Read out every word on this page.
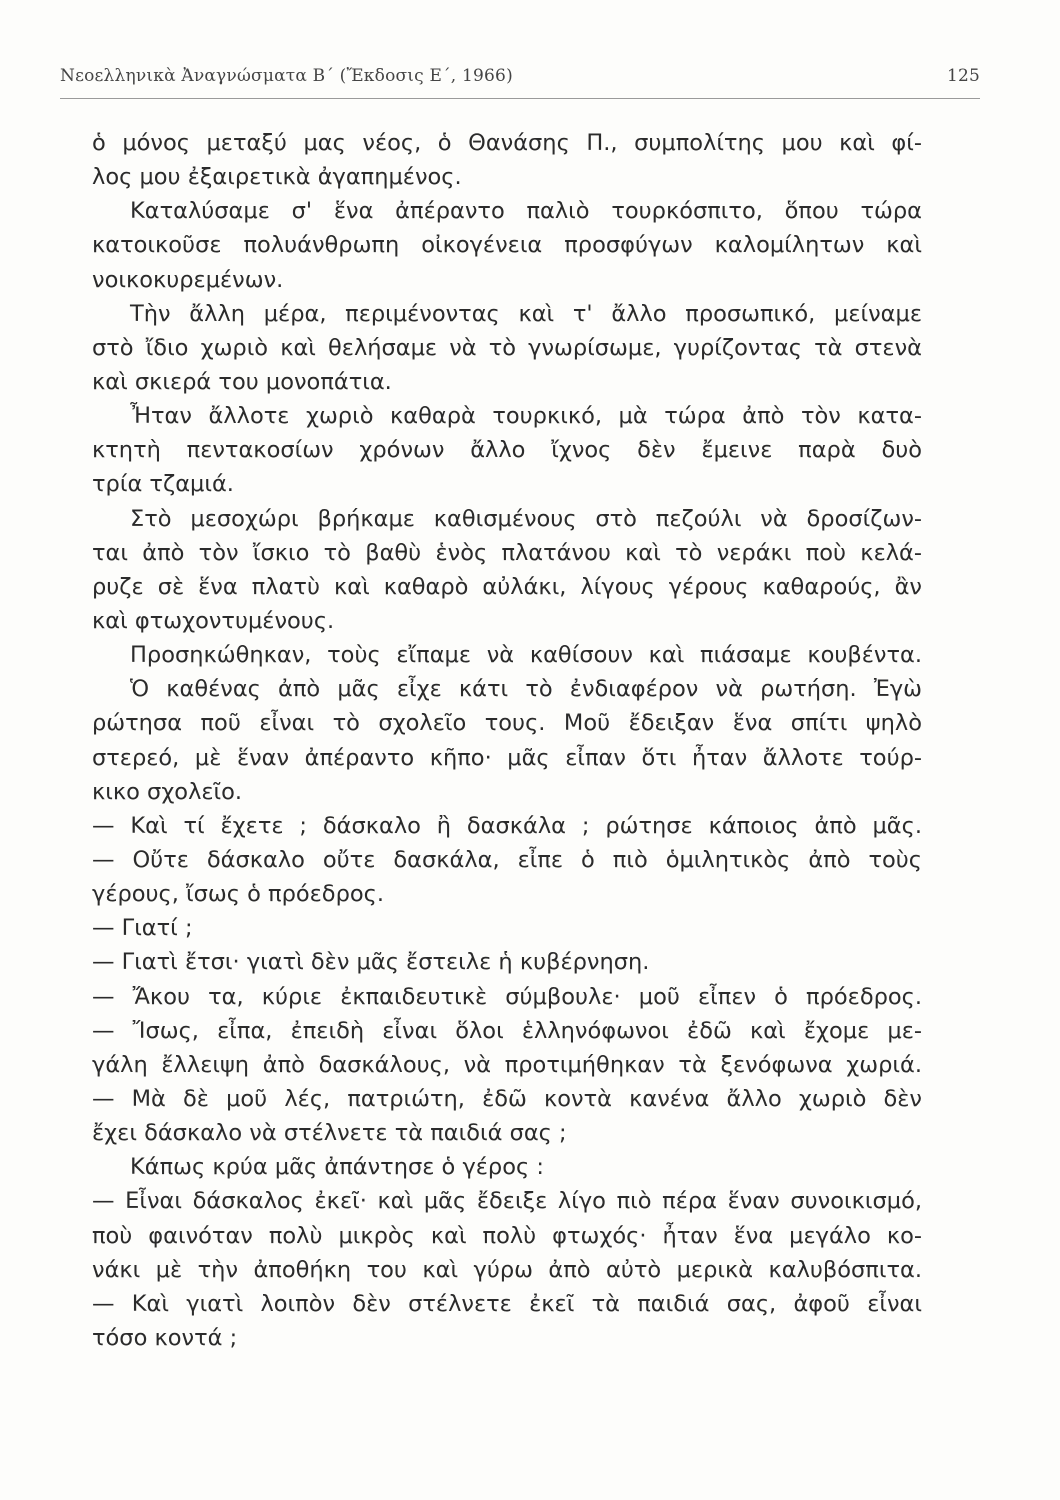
Νεοελληνικὰ Ἀναγνώσματα Β΄ (Ἔκδοσις Ε΄, 1966)	125
ὁ μόνος μεταξύ μας νέος, ὁ Θανάσης Π., συμπολίτης μου καὶ φί-
λος μου ἐξαιρετικὰ ἀγαπημένος.
Καταλύσαμε σ' ἕνα ἀπέραντο παλιὸ τουρκόσπιτο, ὅπου τώρα
κατοικοῦσε πολυάνθρωπη οἰκογένεια προσφύγων καλομίλητων καὶ
νοικοκυρεμένων.
Τὴν ἄλλη μέρα, περιμένοντας καὶ τ' ἄλλο προσωπικό, μείναμε
στὸ ἴδιο χωριὸ καὶ θελήσαμε νὰ τὸ γνωρίσωμε, γυρίζοντας τὰ στενὰ
καὶ σκιερά του μονοπάτια.
Ἦταν ἄλλοτε χωριὸ καθαρὰ τουρκικό, μὰ τώρα ἀπὸ τὸν κατα-
κτητὴ πεντακοσίων χρόνων ἄλλο ἴχνος δὲν ἔμεινε παρὰ δυὸ
τρία τζαμιά.
Στὸ μεσοχώρι βρήκαμε καθισμένους στὸ πεζούλι νὰ δροσίζων-
ται ἀπὸ τὸν ἴσκιο τὸ βαθὺ ἑνὸς πλατάνου καὶ τὸ νεράκι ποὺ κελά-
ρυζε σὲ ἕνα πλατὺ καὶ καθαρὸ αὐλάκι, λίγους γέρους καθαρούς, ἂν
καὶ φτωχοντυμένους.
Προσηκώθηκαν, τοὺς εἴπαμε νὰ καθίσουν καὶ πιάσαμε κουβέντα.
Ὁ καθένας ἀπὸ μᾶς εἶχε κάτι τὸ ἐνδιαφέρον νὰ ρωτήση. Ἐγὼ
ρώτησα ποῦ εἶναι τὸ σχολεῖο τους. Μοῦ ἔδειξαν ἕνα σπίτι ψηλὸ
στερεό, μὲ ἕναν ἀπέραντο κῆπο· μᾶς εἶπαν ὅτι ἦταν ἄλλοτε τούρ-
κικο σχολεῖο.
— Καὶ τί ἔχετε ; δάσκαλο ἢ δασκάλα ; ρώτησε κάποιος ἀπὸ μᾶς.
— Οὔτε δάσκαλο οὔτε δασκάλα, εἶπε ὁ πιὸ ὁμιλητικὸς ἀπὸ τοὺς
γέρους, ἴσως ὁ πρόεδρος.
— Γιατί ;
— Γιατὶ ἔτσι· γιατὶ δὲν μᾶς ἔστειλε ἡ κυβέρνηση.
— Ἄκου τα, κύριε ἐκπαιδευτικὲ σύμβουλε· μοῦ εἶπεν ὁ πρόεδρος.
— Ἴσως, εἶπα, ἐπειδὴ εἶναι ὅλοι ἑλληνόφωνοι ἐδῶ καὶ ἔχομε με-
γάλη ἔλλειψη ἀπὸ δασκάλους, νὰ προτιμήθηκαν τὰ ξενόφωνα χωριά.
— Μὰ δὲ μοῦ λές, πατριώτη, ἐδῶ κοντὰ κανένα ἄλλο χωριὸ δὲν
ἔχει δάσκαλο νὰ στέλνετε τὰ παιδιά σας ;
Κάπως κρύα μᾶς ἀπάντησε ὁ γέρος :
— Εἶναι δάσκαλος ἐκεῖ· καὶ μᾶς ἔδειξε λίγο πιὸ πέρα ἕναν συνοικισμό,
ποὺ φαινόταν πολὺ μικρὸς καὶ πολὺ φτωχός· ἦταν ἕνα μεγάλο κο-
νάκι μὲ τὴν ἀποθήκη του καὶ γύρω ἀπὸ αὐτὸ μερικὰ καλυβόσπιτα.
— Καὶ γιατὶ λοιπὸν δὲν στέλνετε ἐκεῖ τὰ παιδιά σας, ἀφοῦ εἶναι
τόσο κοντά ;
